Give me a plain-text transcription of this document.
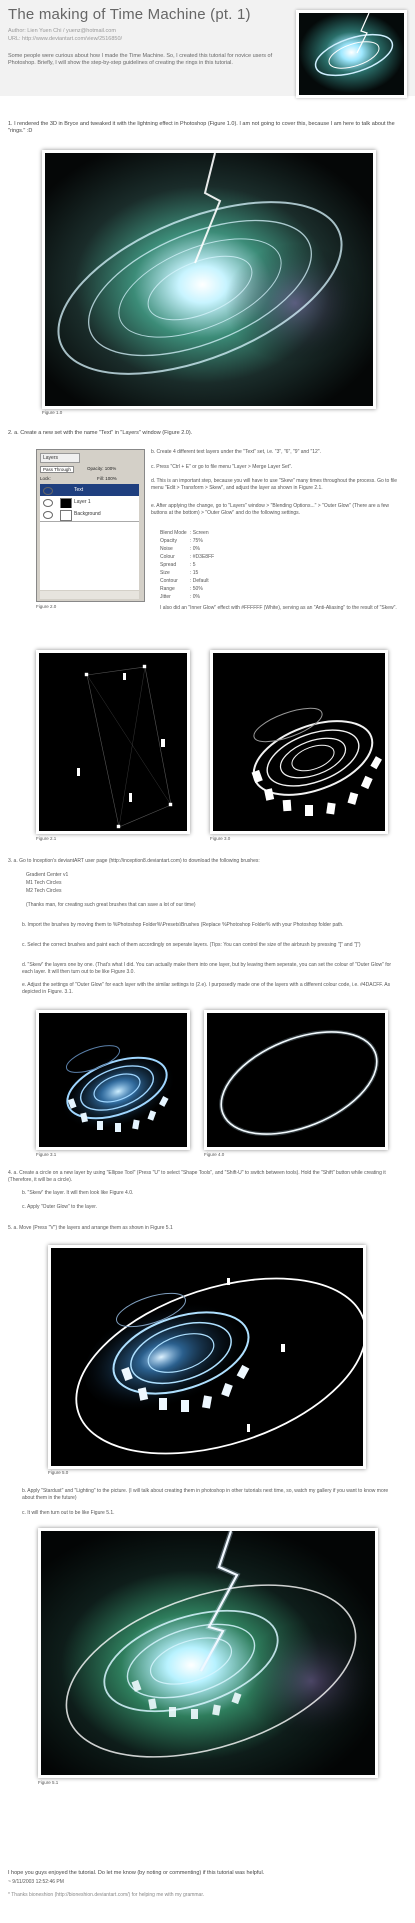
The making of Time Machine (pt. 1)
Author: Lien Yuen Chi / yuenz@hotmail.com
URL: http://www.deviantart.com/view/2516850/
Some people were curious about how I made the Time Machine. So, I created this tutorial for novice users of Photoshop. Briefly, I will show the step-by-step guidelines of creating the rings in this tutorial.
1. I rendered the 3D in Bryce and tweaked it with the lightning effect in Photoshop (Figure 1.0). I am not going to cover this, because I am here to talk about the "rings." :D
Figure 1.0
2. a. Create a new set with the name "Text" in "Layers" window (Figure 2.0).
Layers
Pass Through	Opacity: 100%
Lock:	Fill: 100%
Text
Layer 1
Background
Figure 2.0
b. Create 4 different text layers under the "Text" set, i.e. "3", "6", "9" and "12".
c. Press "Ctrl + E" or go to file menu "Layer > Merge Layer Set".
d. This is an important step, because you will have to use "Skew" many times throughout the process. Go to file menu "Edit > Transform > Skew", and adjust the layer as shown in Figure 2.1.
e. After applying the change, go to "Layers" window > "Blending Options..." > "Outer Glow" (There are a few buttons at the bottom) > "Outer Glow" and do the following settings.
Blend Mode : Screen
Opacity	: 75%
Noise	: 0%
Colour	: #D3E8FF
Spread	: 5
Size	: 15
Contour : Default
Range	: 50%
Jitter	: 0%
I also did an "Inner Glow" effect with #FFFFFF (White), serving as an "Anti-Aliasing" to the result of "Skew".
Figure 2.1	Figure 3.0
3. a. Go to Inception's deviantART user page (http://inception8.deviantart.com) to download the following brushes:
Gradient Center v1
M1 Tech Circles
M2 Tech Circles
(Thanks man, for creating such great brushes that can save a lot of our time)
b. Import the brushes by moving them to %Photoshop Folder%\Presets\Brushes (Replace %Photoshop Folder% with your Photoshop folder path.
c. Select the correct brushes and paint each of them accordingly on seperate layers. (Tips: You can control the size of the airbrush by pressing "[" and "]")
d. "Skew" the layers one by one. (That's what I did. You can actually make them into one layer, but by leaving them seperate, you can set the colour of "Outer Glow" for each layer. It will then turn out to be like Figure 3.0.
e. Adjust the settings of "Outer Glow" for each layer with the similar settings to (2.e). I purposedly made one of the layers with a different colour code, i.e. #4DACFF. As depicted in Figure. 3.1.
Figure 3.1	Figure 4.0
4. a. Create a circle on a new layer by using "Ellipse Tool" (Press "U" to select "Shape Tools", and "Shift-U" to switch between tools). Hold the "Shift" button while creating it (Therefore, it will be a circle).
b. "Skew" the layer. It will then look like Figure 4.0.
c. Apply "Outer Glow" to the layer.
5. a. Move (Press "V") the layers and arrange them as shown in Figure 5.1
Figure 5.0
b. Apply "Stardust" and "Lighting" to the picture. (I will talk about creating them in photoshop in other tutorials next time, so, watch my gallery if you want to know more about them in the future)
c. It will then turn out to be like Figure 5.1.
Figure 5.1
I hope you guys enjoyed the tutorial. Do let me know (by noting or commenting) if this tutorial was helpful.
~ 9/11/2003 12:52:46 PM
* Thanks bioneshion (http://bioneshion.deviantart.com/) for helping me with my grammar.
